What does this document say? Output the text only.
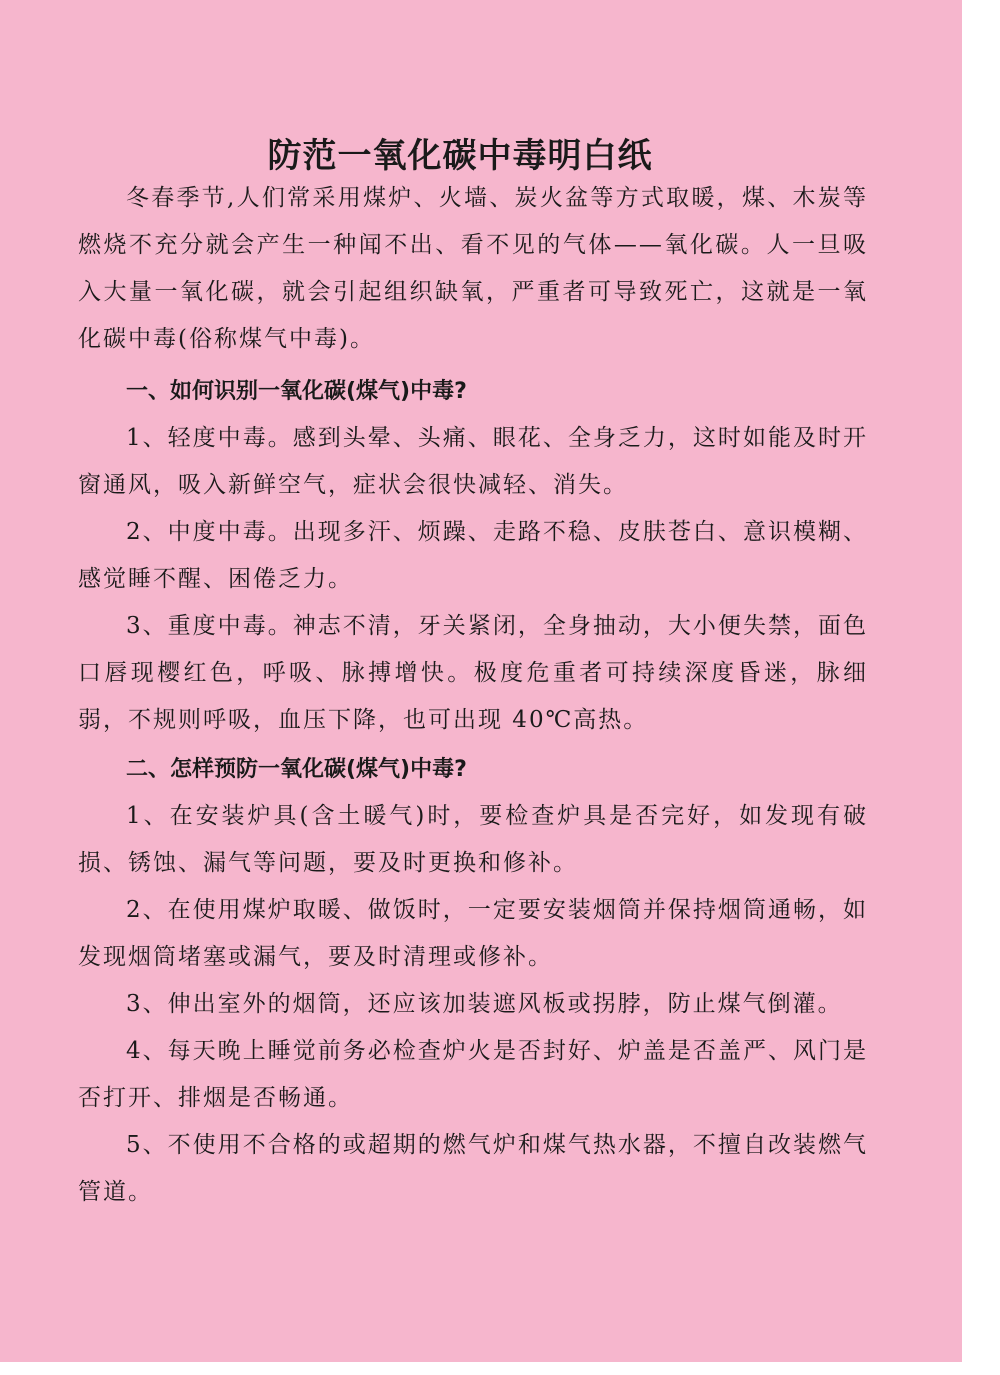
防范一氧化碳中毒明白纸
冬春季节,人们常采用煤炉、火墙、炭火盆等方式取暖，煤、木炭等燃烧不充分就会产生一种闻不出、看不见的气体——氧化碳。人一旦吸入大量一氧化碳，就会引起组织缺氧，严重者可导致死亡，这就是一氧化碳中毒(俗称煤气中毒)。
一、如何识别一氧化碳(煤气)中毒?
1、轻度中毒。感到头晕、头痛、眼花、全身乏力，这时如能及时开窗通风，吸入新鲜空气，症状会很快减轻、消失。
2、中度中毒。出现多汗、烦躁、走路不稳、皮肤苍白、意识模糊、感觉睡不醒、困倦乏力。
3、重度中毒。神志不清，牙关紧闭，全身抽动，大小便失禁，面色口唇现樱红色，呼吸、脉搏增快。极度危重者可持续深度昏迷，脉细弱，不规则呼吸，血压下降，也可出现 40℃高热。
二、怎样预防一氧化碳(煤气)中毒?
1、在安装炉具(含土暖气)时，要检查炉具是否完好，如发现有破损、锈蚀、漏气等问题，要及时更换和修补。
2、在使用煤炉取暖、做饭时，一定要安装烟筒并保持烟筒通畅，如发现烟筒堵塞或漏气，要及时清理或修补。
3、伸出室外的烟筒，还应该加装遮风板或拐脖，防止煤气倒灌。
4、每天晚上睡觉前务必检查炉火是否封好、炉盖是否盖严、风门是否打开、排烟是否畅通。
5、不使用不合格的或超期的燃气炉和煤气热水器，不擅自改装燃气管道。
